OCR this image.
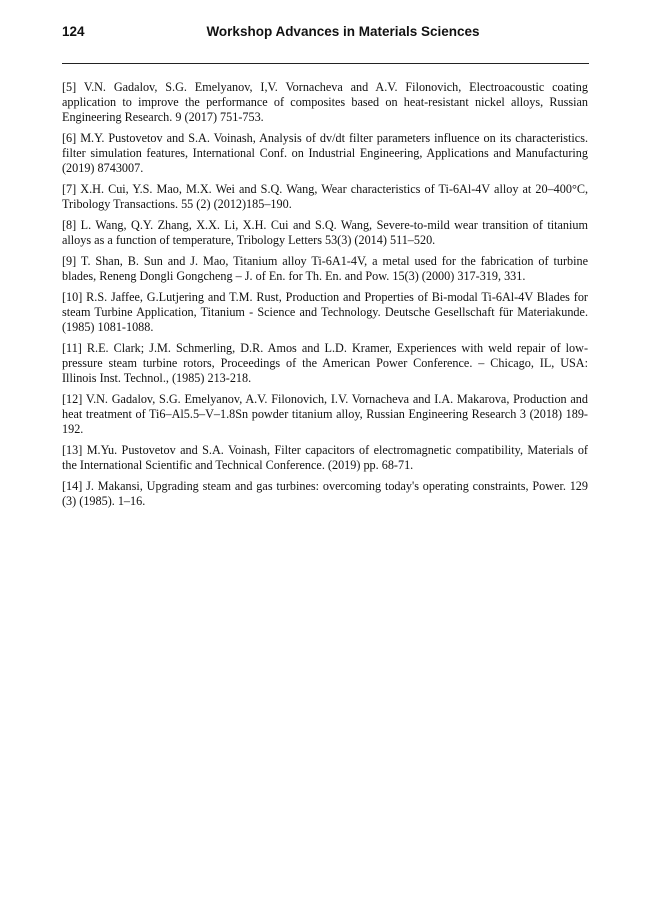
124	Workshop Advances in Materials Sciences

[5] V.N. Gadalov, S.G. Emelyanov, I,V. Vornacheva and A.V. Filonovich, Electroacoustic coating application to improve the performance of composites based on heat-resistant nickel alloys, Russian Engineering Research. 9 (2017) 751-753.

[6] M.Y. Pustovetov and S.A. Voinash, Analysis of dv/dt filter parameters influence on its characteristics. filter simulation features, International Conf. on Industrial Engineering, Applications and Manufacturing (2019) 8743007.

[7] X.H. Cui, Y.S. Mao, M.X. Wei and S.Q. Wang, Wear characteristics of Ti-6Al-4V alloy at 20–400°C, Tribology Transactions. 55 (2) (2012)185–190.

[8] L. Wang, Q.Y. Zhang, X.X. Li, X.H. Cui and S.Q. Wang, Severe-to-mild wear transition of titanium alloys as a function of temperature, Tribology Letters 53(3) (2014) 511–520.

[9] T. Shan, B. Sun and J. Mao, Titanium alloy Ti-6A1-4V, a metal used for the fabrication of turbine blades, Reneng Dongli Gongcheng – J. of En. for Th. En. and Pow. 15(3) (2000) 317-319, 331.

[10] R.S. Jaffee, G.Lutjering and T.M. Rust, Production and Properties of Bi-modal Ti-6Al-4V Blades for steam Turbine Application, Titanium - Science and Technology. Deutsche Gesellschaft für Materiakunde. (1985) 1081-1088.

[11] R.E. Clark; J.M. Schmerling, D.R. Amos and L.D. Kramer, Experiences with weld repair of low-pressure steam turbine rotors, Proceedings of the American Power Conference. – Chicago, IL, USA: Illinois Inst. Technol., (1985) 213-218.

[12] V.N. Gadalov, S.G. Emelyanov, A.V. Filonovich, I.V. Vornacheva and I.A. Makarova, Production and heat treatment of Ti6–Al5.5–V–1.8Sn powder titanium alloy, Russian Engineering Research 3 (2018) 189-192.

[13] M.Yu. Pustovetov and S.A. Voinash, Filter capacitors of electromagnetic compatibility, Materials of the International Scientific and Technical Conference. (2019) pp. 68-71.

[14] J. Makansi, Upgrading steam and gas turbines: overcoming today's operating constraints, Power. 129 (3) (1985). 1–16.
